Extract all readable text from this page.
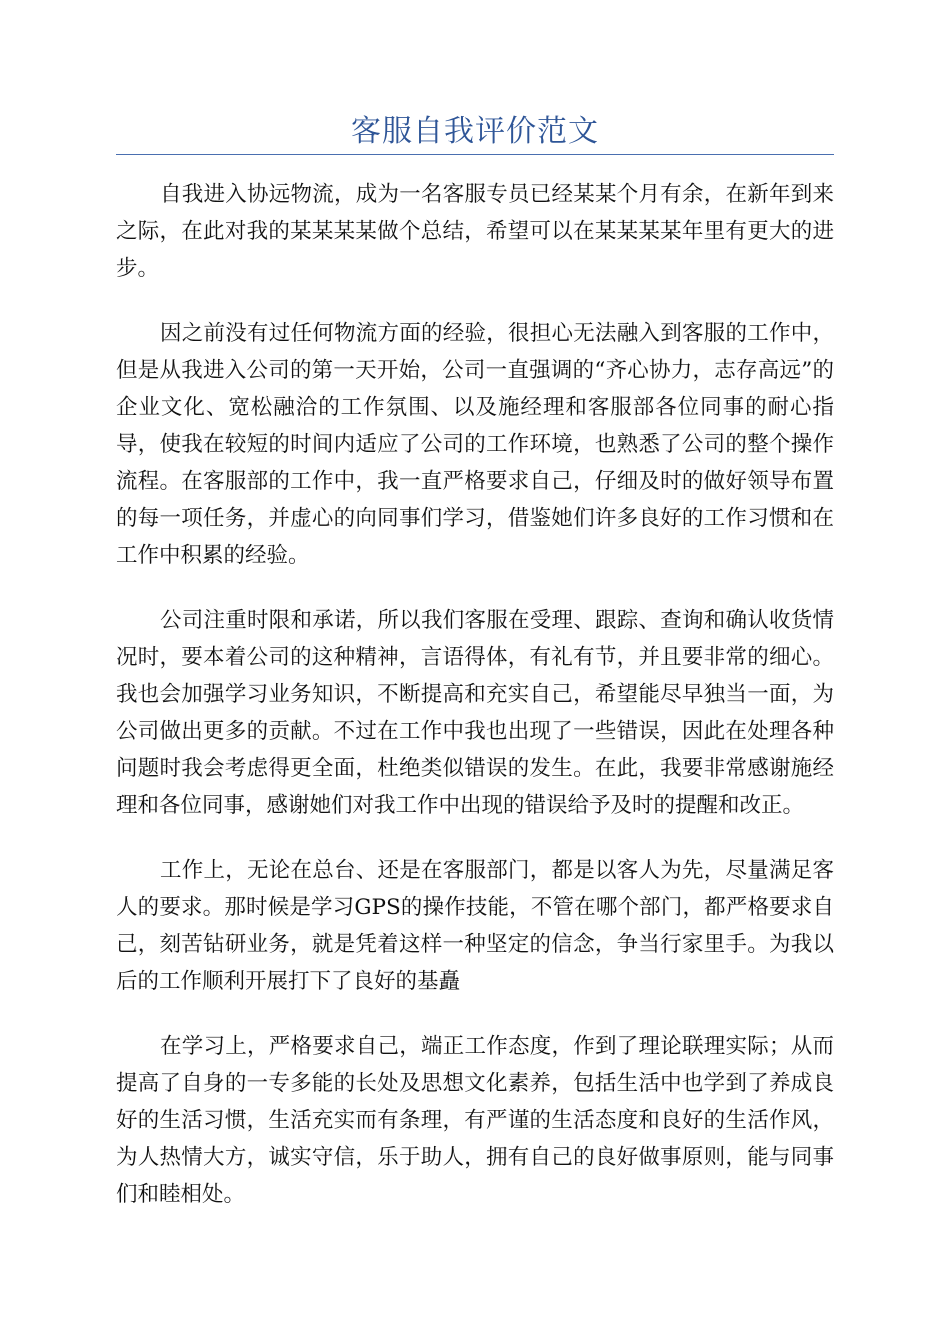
客服自我评价范文

自我进入协远物流，成为一名客服专员已经某某个月有余，在新年到来之际，在此对我的某某某某做个总结，希望可以在某某某某年里有更大的进步。

因之前没有过任何物流方面的经验，很担心无法融入到客服的工作中，但是从我进入公司的第一天开始，公司一直强调的“齐心协力，志存高远”的企业文化、宽松融洽的工作氛围、以及施经理和客服部各位同事的耐心指导，使我在较短的时间内适应了公司的工作环境，也熟悉了公司的整个操作流程。在客服部的工作中，我一直严格要求自己，仔细及时的做好领导布置的每一项任务，并虚心的向同事们学习，借鉴她们许多良好的工作习惯和在工作中积累的经验。

公司注重时限和承诺，所以我们客服在受理、跟踪、查询和确认收货情况时，要本着公司的这种精神，言语得体，有礼有节，并且要非常的细心。我也会加强学习业务知识，不断提高和充实自己，希望能尽早独当一面，为公司做出更多的贡献。不过在工作中我也出现了一些错误，因此在处理各种问题时我会考虑得更全面，杜绝类似错误的发生。在此，我要非常感谢施经理和各位同事，感谢她们对我工作中出现的错误给予及时的提醒和改正。

工作上，无论在总台、还是在客服部门，都是以客人为先，尽量满足客人的要求。那时候是学习GPS的操作技能，不管在哪个部门，都严格要求自己，刻苦钻研业务，就是凭着这样一种坚定的信念，争当行家里手。为我以后的工作顺利开展打下了良好的基矗

在学习上，严格要求自己，端正工作态度，作到了理论联理实际；从而提高了自身的一专多能的长处及思想文化素养，包括生活中也学到了养成良好的生活习惯，生活充实而有条理，有严谨的生活态度和良好的生活作风，为人热情大方，诚实守信，乐于助人，拥有自己的良好做事原则，能与同事们和睦相处。
